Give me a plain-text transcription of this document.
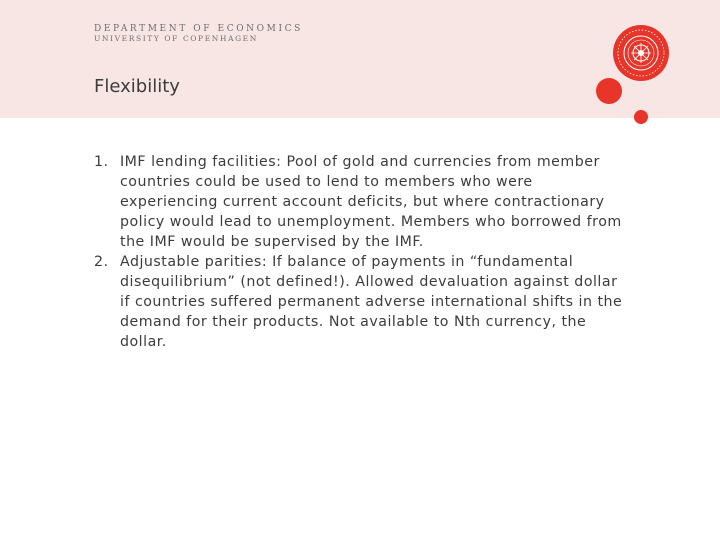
DEPARTMENT OF ECONOMICS
UNIVERSITY OF COPENHAGEN
Flexibility
1. IMF lending facilities: Pool of gold and currencies from member countries could be used to lend to members who were experiencing current account deficits, but where contractionary policy would lead to unemployment. Members who borrowed from the IMF would be supervised by the IMF.
2. Adjustable parities: If balance of payments in “fundamental disequilibrium” (not defined!). Allowed devaluation against dollar if countries suffered permanent adverse international shifts in the demand for their products. Not available to Nth currency, the dollar.
